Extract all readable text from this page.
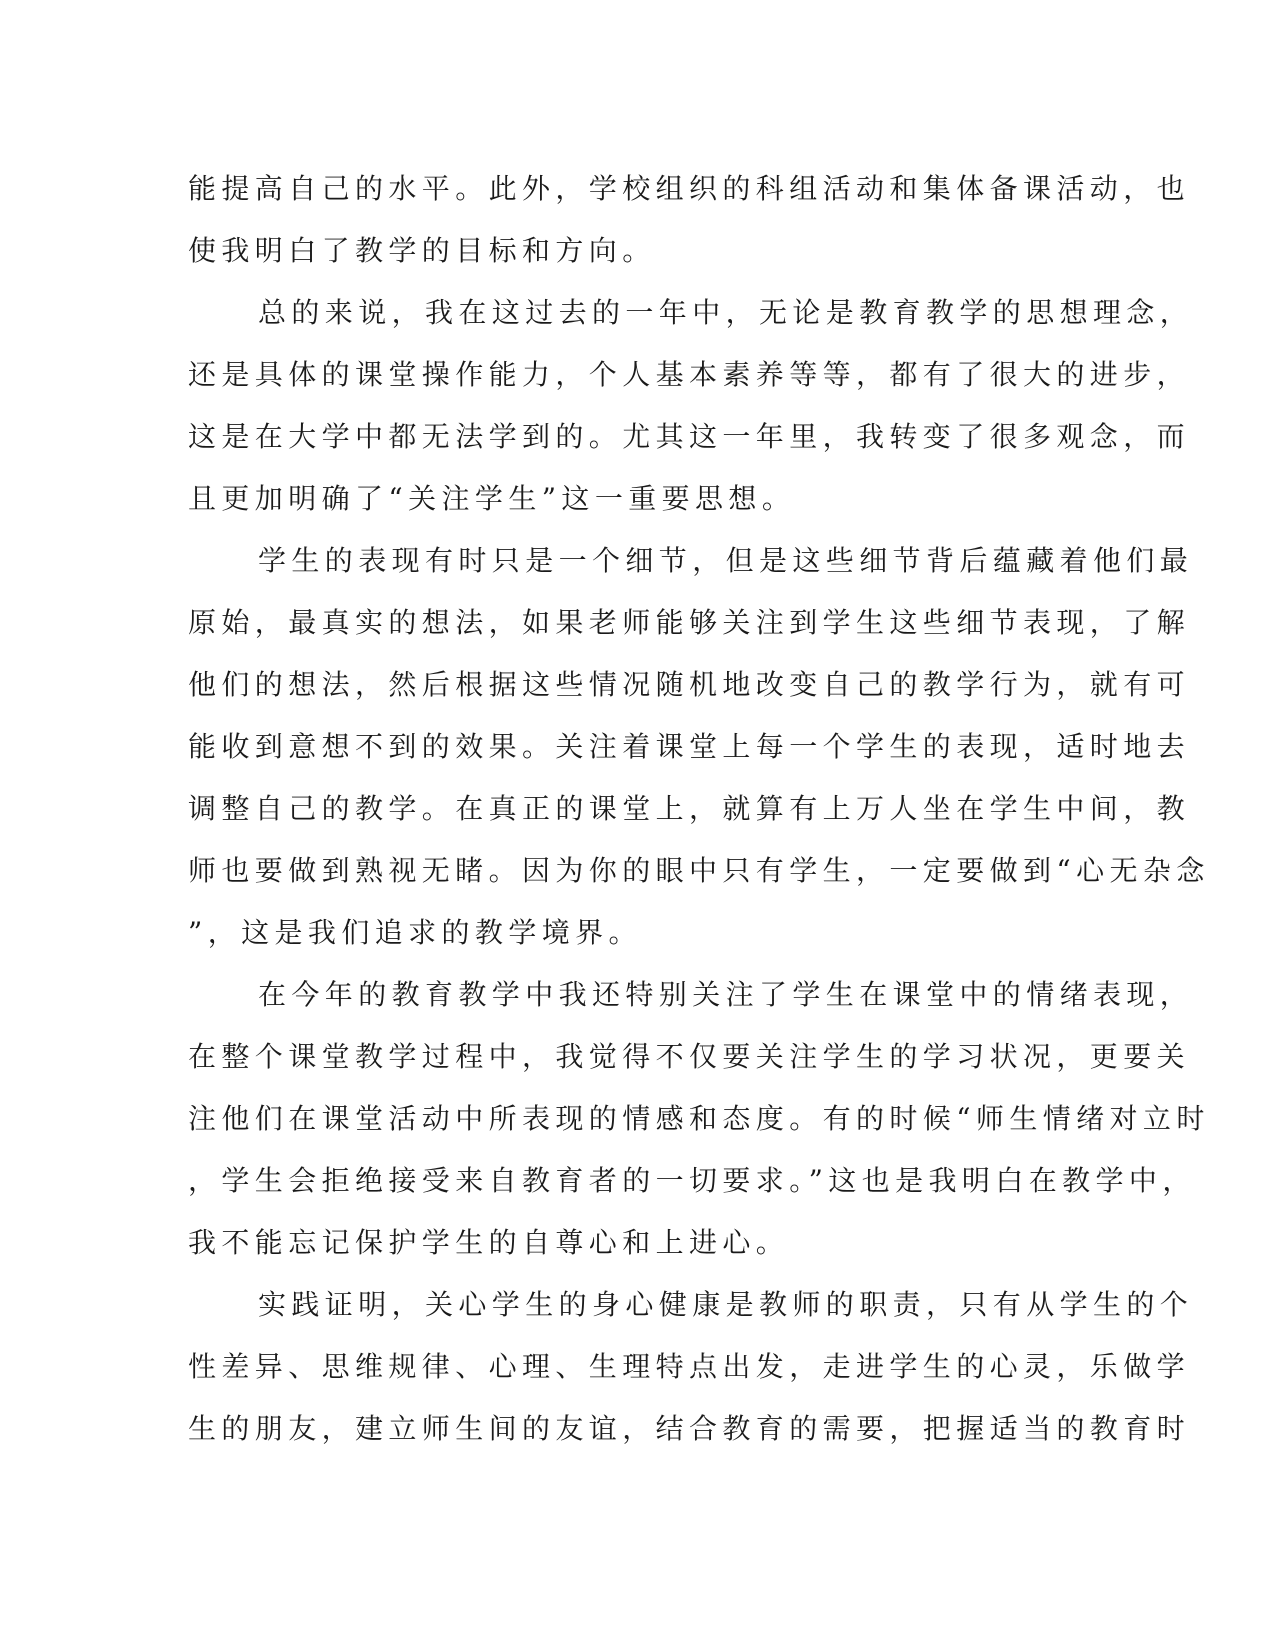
能提高自己的水平。此外，学校组织的科组活动和集体备课活动，也
使我明白了教学的目标和方向。
总的来说，我在这过去的一年中，无论是教育教学的思想理念，
还是具体的课堂操作能力，个人基本素养等等，都有了很大的进步，
这是在大学中都无法学到的。尤其这一年里，我转变了很多观念，而
且更加明确了“关注学生”这一重要思想。
学生的表现有时只是一个细节，但是这些细节背后蕴藏着他们最
原始，最真实的想法，如果老师能够关注到学生这些细节表现，了解
他们的想法，然后根据这些情况随机地改变自己的教学行为，就有可
能收到意想不到的效果。关注着课堂上每一个学生的表现，适时地去
调整自己的教学。在真正的课堂上，就算有上万人坐在学生中间，教
师也要做到熟视无睹。因为你的眼中只有学生，一定要做到“心无杂念
”，这是我们追求的教学境界。
在今年的教育教学中我还特别关注了学生在课堂中的情绪表现，
在整个课堂教学过程中，我觉得不仅要关注学生的学习状况，更要关
注他们在课堂活动中所表现的情感和态度。有的时候“师生情绪对立时
，学生会拒绝接受来自教育者的一切要求。”这也是我明白在教学中，
我不能忘记保护学生的自尊心和上进心。
实践证明，关心学生的身心健康是教师的职责，只有从学生的个
性差异、思维规律、心理、生理特点出发，走进学生的心灵，乐做学
生的朋友，建立师生间的友谊，结合教育的需要，把握适当的教育时
